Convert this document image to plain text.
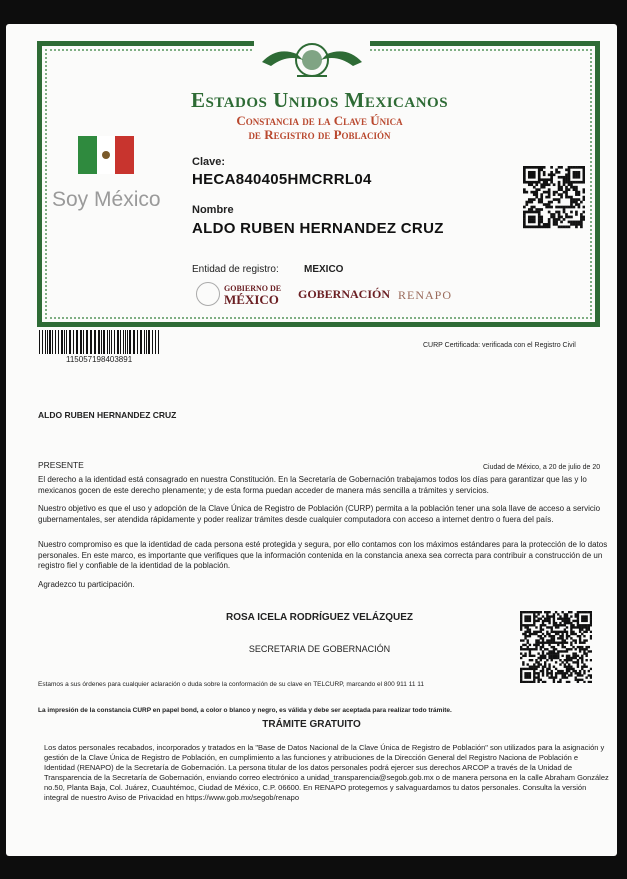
Estados Unidos Mexicanos
Constancia de la Clave Única
de Registro de Población
Soy México
Clave:
HECA840405HMCRRL04
Nombre
ALDO RUBEN HERNANDEZ CRUZ
Entidad de registro:	MEXICO
GOBIERNO DE
MÉXICO GOBERNACIÓN RENAPO
115057198403891
CURP Certificada: verificada con el Registro Civil
ALDO RUBEN HERNANDEZ CRUZ
PRESENTE	Ciudad de México, a 20 de julio de 20
El derecho a la identidad está consagrado en nuestra Constitución. En la Secretaría de Gobernación trabajamos todos los días para garantizar que las y lo mexicanos gocen de este derecho plenamente; y de esta forma puedan acceder de manera más sencilla a trámites y servicios.
Nuestro objetivo es que el uso y adopción de la Clave Única de Registro de Población (CURP) permita a la población tener una sola llave de acceso a servicio gubernamentales, ser atendida rápidamente y poder realizar trámites desde cualquier computadora con acceso a internet dentro o fuera del país.
Nuestro compromiso es que la identidad de cada persona esté protegida y segura, por ello contamos con los máximos estándares para la protección de lo datos personales. En este marco, es importante que verifiques que la información contenida en la constancia anexa sea correcta para contribuir a construcción de un registro fiel y confiable de la identidad de la población.
Agradezco tu participación.
ROSA ICELA RODRÍGUEZ VELÁZQUEZ
SECRETARIA DE GOBERNACIÓN
Estamos a sus órdenes para cualquier aclaración o duda sobre la conformación de su clave en TELCURP, marcando el 800 911 11 11
La impresión de la constancia CURP en papel bond, a color o blanco y negro, es válida y debe ser aceptada para realizar todo trámite.
TRÁMITE GRATUITO
Los datos personales recabados, incorporados y tratados en la "Base de Datos Nacional de la Clave Única de Registro de Población" son utilizados para la asignación y gestión de la Clave Única de Registro de Población, en cumplimiento a las funciones y atribuciones de la Dirección General del Registro Naciona de Población e Identidad (RENAPO) de la Secretaría de Gobernación. La persona titular de los datos personales podrá ejercer sus derechos ARCOP a través de la Unidad de Transparencia de la Secretaría de Gobernación, enviando correo electrónico a unidad_transparencia@segob.gob.mx o de manera persona en la calle Abraham González no.50, Planta Baja, Col. Juárez, Cuauhtémoc, Ciudad de México, C.P. 06600. En RENAPO protegemos y salvaguardamos tu datos personales. Consulta la versión integral de nuestro Aviso de Privacidad en https://www.gob.mx/segob/renapo
